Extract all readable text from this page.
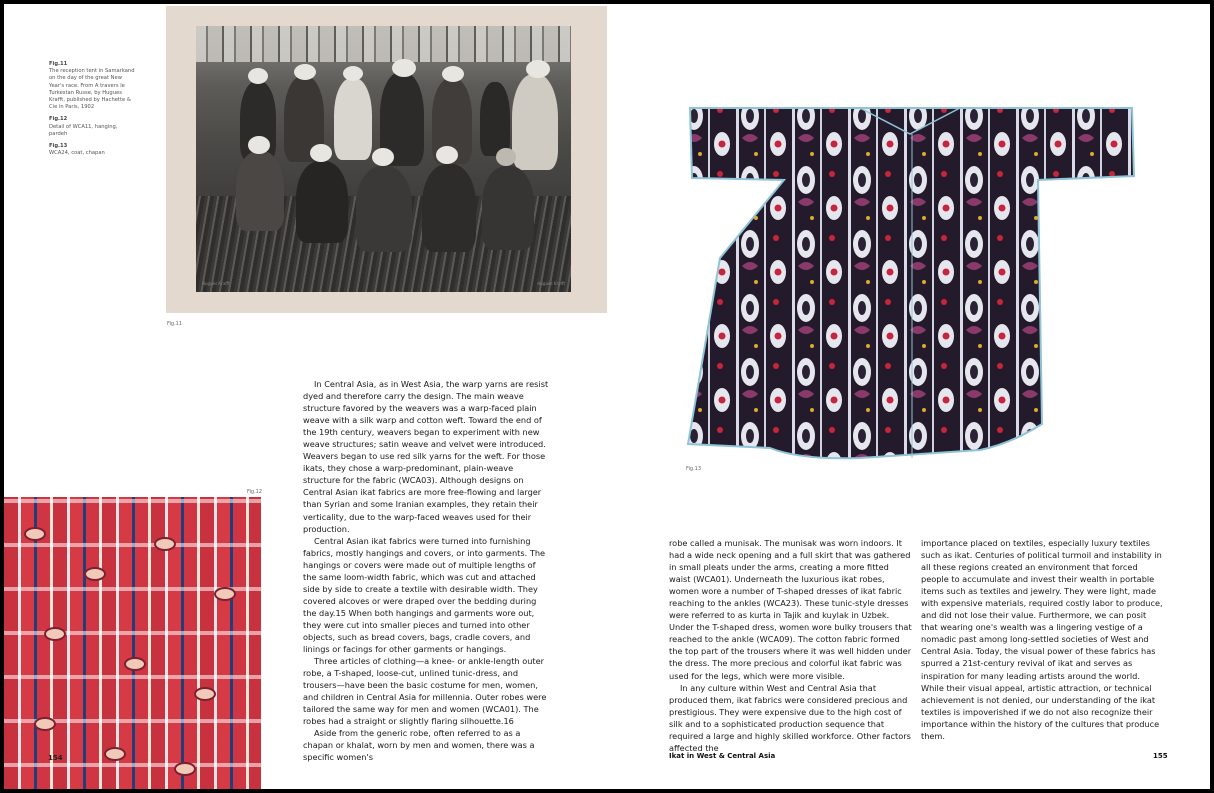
Fig.11
The reception tent in Samarkand on the day of the great New Year's race. From A travers le Turkestan Russe, by Hugues Krafft, published by Hachette & Cie in Paris, 1902
Fig.12
Detail of WCA11, hanging, pardeh
Fig.13
WCA24, coat, chapan
Hugues Krafft	Hugues Krafft
Fig.11
Fig.12
154
Fig.13

In Central Asia, as in West Asia, the warp yarns are resist dyed and therefore carry the design. The main weave structure favored by the weavers was a warp-faced plain weave with a silk warp and cotton weft. Toward the end of the 19th century, weavers began to experiment with new weave structures; satin weave and velvet were introduced. Weavers began to use red silk yarns for the weft. For those ikats, they chose a warp-predominant, plain-weave structure for the fabric (WCA03). Although designs on Central Asian ikat fabrics are more free-flowing and larger than Syrian and some Iranian examples, they retain their verticality, due to the warp-faced weaves used for their production.

Central Asian ikat fabrics were turned into furnishing fabrics, mostly hangings and covers, or into garments. The hangings or covers were made out of multiple lengths of the same loom-width fabric, which was cut and attached side by side to create a textile with desirable width. They covered alcoves or were draped over the bedding during the day.15 When both hangings and garments wore out, they were cut into smaller pieces and turned into other objects, such as bread covers, bags, cradle covers, and linings or facings for other garments or hangings.

Three articles of clothing—a knee- or ankle-length outer robe, a T-shaped, loose-cut, unlined tunic-dress, and trousers—have been the basic costume for men, women, and children in Central Asia for millennia. Outer robes were tailored the same way for men and women (WCA01). The robes had a straight or slightly flaring silhouette.16

Aside from the generic robe, often referred to as a chapan or khalat, worn by men and women, there was a specific women's

robe called a munisak. The munisak was worn indoors. It had a wide neck opening and a full skirt that was gathered in small pleats under the arms, creating a more fitted waist (WCA01). Underneath the luxurious ikat robes, women wore a number of T-shaped dresses of ikat fabric reaching to the ankles (WCA23). These tunic-style dresses were referred to as kurta in Tajik and kuylak in Uzbek. Under the T-shaped dress, women wore bulky trousers that reached to the ankle (WCA09). The cotton fabric formed the top part of the trousers where it was well hidden under the dress. The more precious and colorful ikat fabric was used for the legs, which were more visible.

In any culture within West and Central Asia that produced them, ikat fabrics were considered precious and prestigious. They were expensive due to the high cost of silk and to a sophisticated production sequence that required a large and highly skilled workforce. Other factors affected the

importance placed on textiles, especially luxury textiles such as ikat. Centuries of political turmoil and instability in all these regions created an environment that forced people to accumulate and invest their wealth in portable items such as textiles and jewelry. They were light, made with expensive materials, required costly labor to produce, and did not lose their value. Furthermore, we can posit that wearing one's wealth was a lingering vestige of a nomadic past among long-settled societies of West and Central Asia. Today, the visual power of these fabrics has spurred a 21st-century revival of ikat and serves as inspiration for many leading artists around the world. While their visual appeal, artistic attraction, or technical achievement is not denied, our understanding of the ikat textiles is impoverished if we do not also recognize their importance within the history of the cultures that produce them.

Ikat in West & Central Asia	155
